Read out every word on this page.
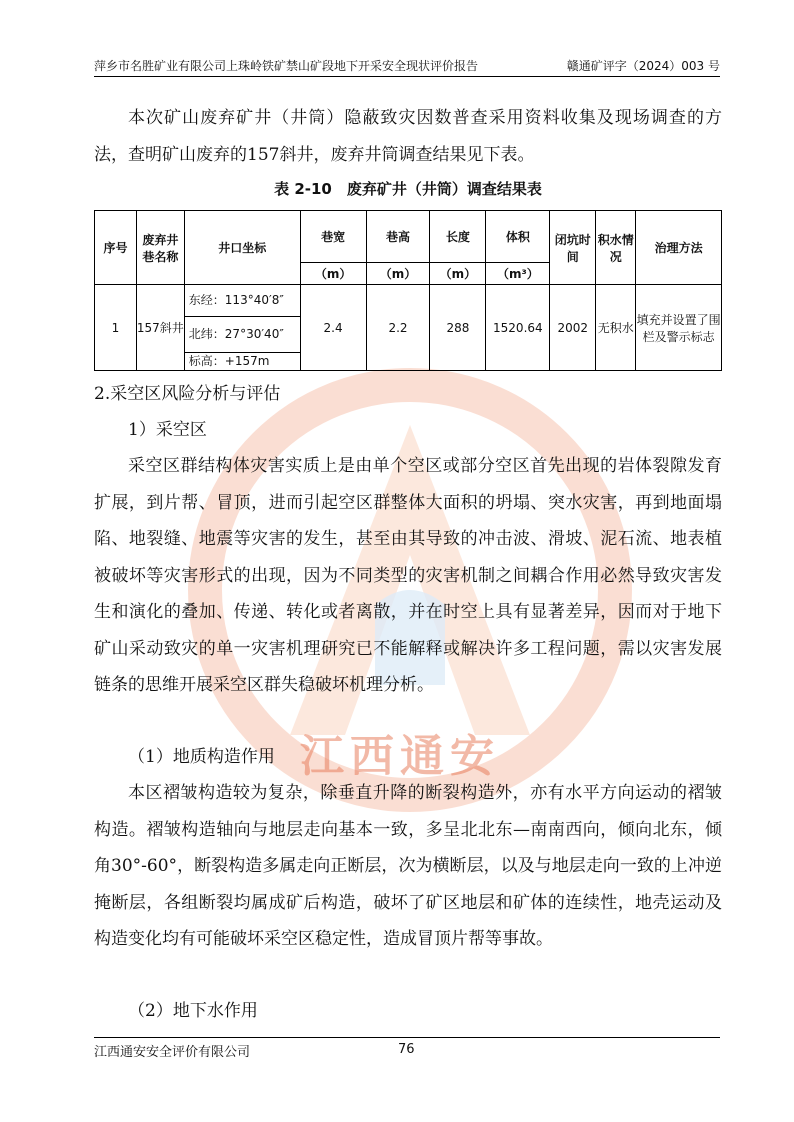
萍乡市名胜矿业有限公司上珠岭铁矿禁山矿段地下开采安全现状评价报告	赣通矿评字（2024）003 号
江西通安
本次矿山废弃矿井（井筒）隐蔽致灾因数普查采用资料收集及现场调查的方法，查明矿山废弃的157斜井，废弃井筒调查结果见下表。
表 2-10　废弃矿井（井筒）调查结果表
序号	废弃井巷名称	井口坐标	巷宽	巷高	长度	体积	闭坑时间	积水情况	治理方法
			（m）	（m）	（m）	（m³）			
1	157斜井	东经：113°40′8″	2.4	2.2	288	1520.64	2002	无积水	填充并设置了围栏及警示标志
		北纬：27°30′40″							
		标高：+157m							
2.采空区风险分析与评估
1）采空区
采空区群结构体灾害实质上是由单个空区或部分空区首先出现的岩体裂隙发育扩展，到片帮、冒顶，进而引起空区群整体大面积的坍塌、突水灾害，再到地面塌陷、地裂缝、地震等灾害的发生，甚至由其导致的冲击波、滑坡、泥石流、地表植被破坏等灾害形式的出现，因为不同类型的灾害机制之间耦合作用必然导致灾害发生和演化的叠加、传递、转化或者离散，并在时空上具有显著差异，因而对于地下矿山采动致灾的单一灾害机理研究已不能解释或解决许多工程问题，需以灾害发展链条的思维开展采空区群失稳破坏机理分析。
（1）地质构造作用
本区褶皱构造较为复杂，除垂直升降的断裂构造外，亦有水平方向运动的褶皱构造。褶皱构造轴向与地层走向基本一致，多呈北北东—南南西向，倾向北东，倾角30°-60°，断裂构造多属走向正断层，次为横断层，以及与地层走向一致的上冲逆掩断层，各组断裂均属成矿后构造，破坏了矿区地层和矿体的连续性，地壳运动及构造变化均有可能破坏采空区稳定性，造成冒顶片帮等事故。
（2）地下水作用
江西通安安全评价有限公司	76
